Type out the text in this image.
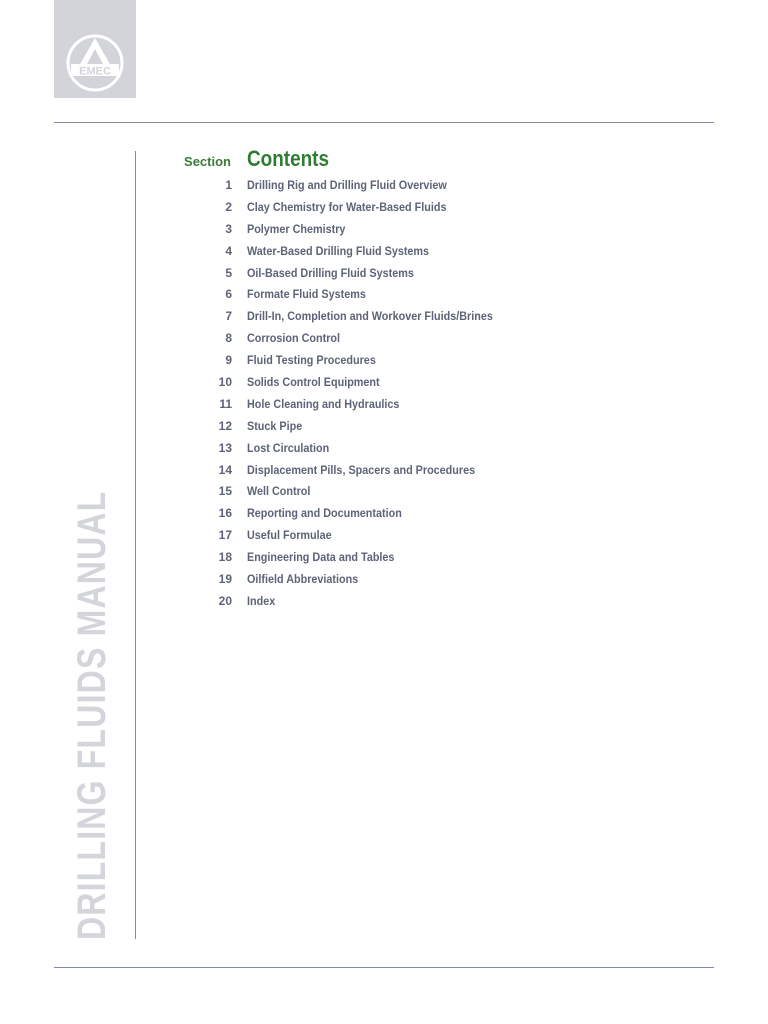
EMEC
DRILLING FLUIDS MANUAL
Section Contents
1 Drilling Rig and Drilling Fluid Overview
2 Clay Chemistry for Water-Based Fluids
3 Polymer Chemistry
4 Water-Based Drilling Fluid Systems
5 Oil-Based Drilling Fluid Systems
6 Formate Fluid Systems
7 Drill-In, Completion and Workover Fluids/Brines
8 Corrosion Control
9 Fluid Testing Procedures
10 Solids Control Equipment
11 Hole Cleaning and Hydraulics
12 Stuck Pipe
13 Lost Circulation
14 Displacement Pills, Spacers and Procedures
15 Well Control
16 Reporting and Documentation
17 Useful Formulae
18 Engineering Data and Tables
19 Oilfield Abbreviations
20 Index
